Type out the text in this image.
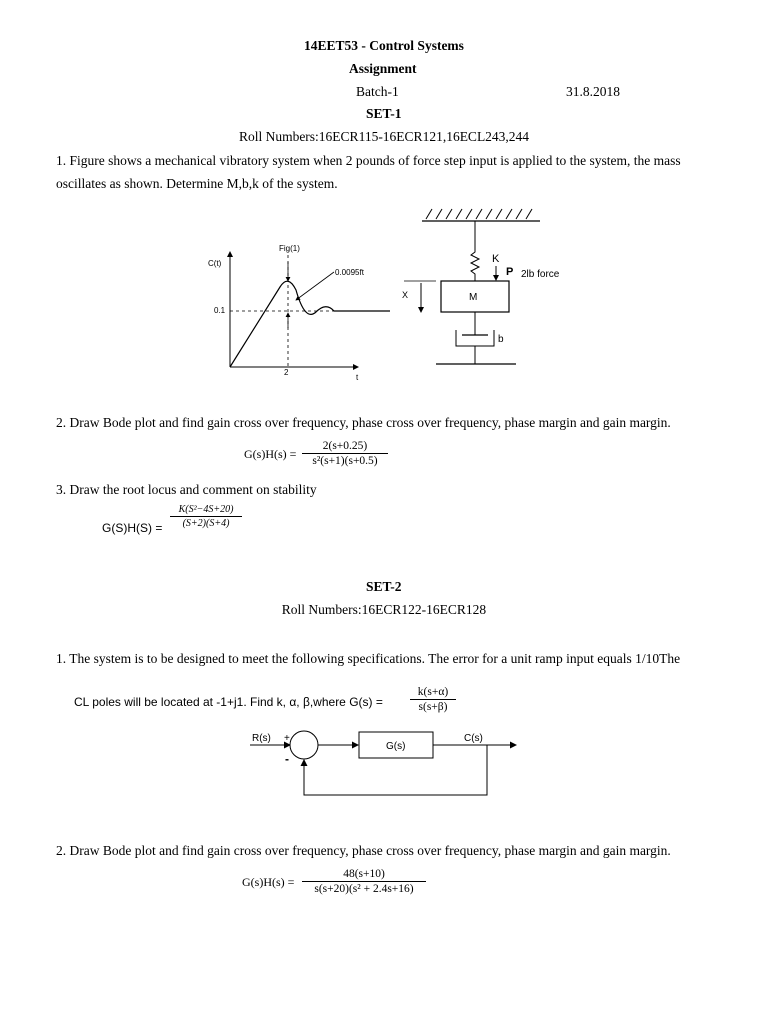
14EET53 - Control Systems
Assignment
Batch-1	31.8.2018
SET-1
Roll Numbers:16ECR115-16ECR121,16ECL243,244
1. Figure shows a mechanical vibratory system when 2 pounds of force step input is applied to the system, the mass
oscillates as shown. Determine M,b,k of the system.
C(t)
t
Fig(1)
0.1
2
0.0095ft
K
P 2lb force
M
X
b
2. Draw Bode plot and find gain cross over frequency, phase cross over frequency, phase margin and gain margin.
G(s)H(s) =
2(s+0.25)
s²(s+1)(s+0.5)
3. Draw the root locus and comment on stability
G(S)H(S) =
K(S²−4S+20)
(S+2)(S+4)
SET-2
Roll Numbers:16ECR122-16ECR128
1. The system is to be designed to meet the following specifications. The error for a unit ramp input equals 1/10The
CL poles will be located at -1+j1. Find k, α, β,where G(s) =
k(s+α)
s(s+β)
R(s) +
-
G(s)
C(s)
2. Draw Bode plot and find gain cross over frequency, phase cross over frequency, phase margin and gain margin.
G(s)H(s) =
48(s+10)
s(s+20)(s² + 2.4s+16)
